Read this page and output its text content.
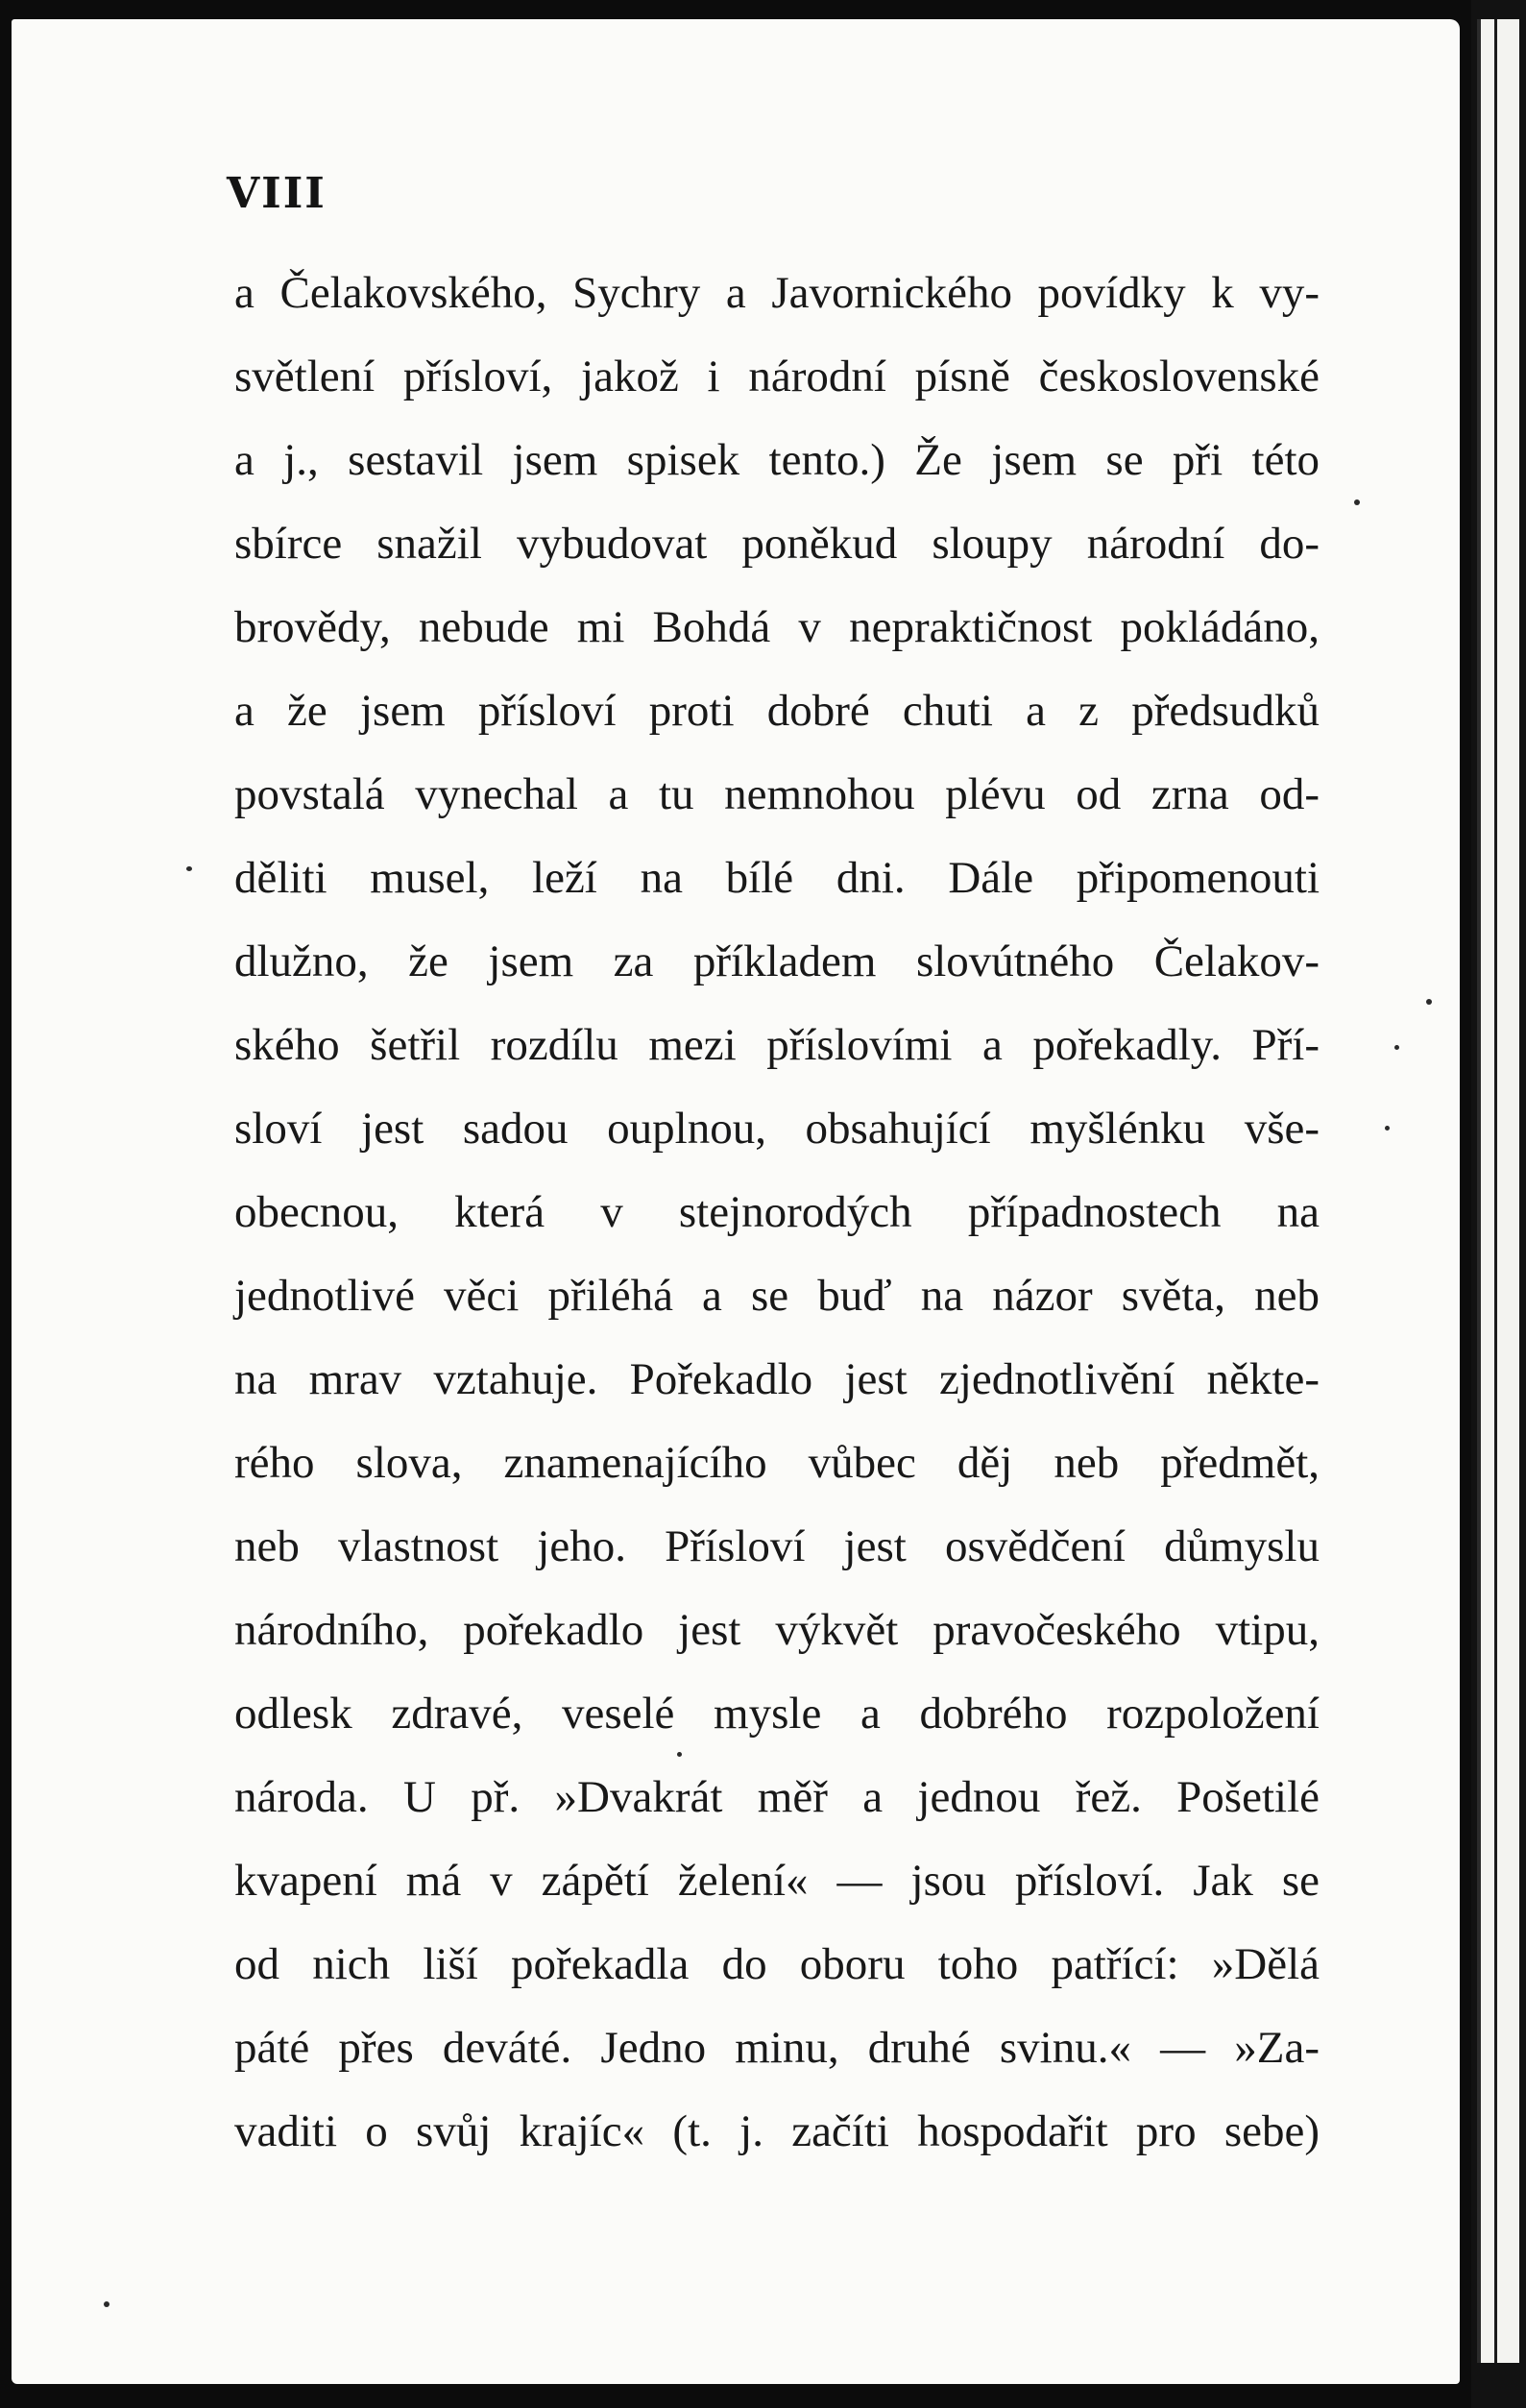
VIII
a Čelakovského, Sychry a Javornického povídky k vy-
světlení přísloví, jakož i národní písně československé
a j., sestavil jsem spisek tento.) Že jsem se při této
sbírce snažil vybudovat poněkud sloupy národní do-
brovědy, nebude mi Bohdá v nepraktičnost pokládáno,
a že jsem přísloví proti dobré chuti a z předsudků
povstalá vynechal a tu nemnohou plévu od zrna od-
děliti musel, leží na bílé dni. Dále připomenouti
dlužno, že jsem za příkladem slovútného Čelakov-
ského šetřil rozdílu mezi příslovími a pořekadly. Pří-
sloví jest sadou ouplnou, obsahující myšlénku vše-
obecnou, která v stejnorodých případnostech na
jednotlivé věci přiléhá a se buď na názor světa, neb
na mrav vztahuje. Pořekadlo jest zjednotlivění někte-
rého slova, znamenajícího vůbec děj neb předmět,
neb vlastnost jeho. Přísloví jest osvědčení důmyslu
národního, pořekadlo jest výkvět pravočeského vtipu,
odlesk zdravé, veselé mysle a dobrého rozpoložení
národa. U př. »Dvakrát měř a jednou řež. Pošetilé
kvapení má v zápětí želení« — jsou přísloví. Jak se
od nich liší pořekadla do oboru toho patřící: »Dělá
páté přes deváté. Jedno minu, druhé svinu.« — »Za-
vaditi o svůj krajíc« (t. j. začíti hospodařit pro sebe)
